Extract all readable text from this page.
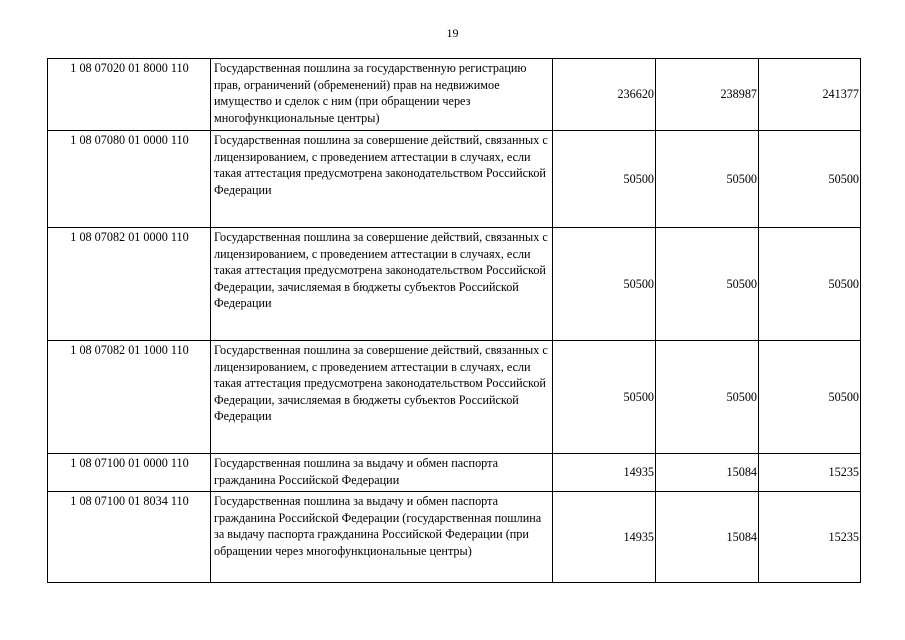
19
1 08 07020 01 8000 110	Государственная пошлина за государственную регистрацию прав, ограничений (обременений) прав на недвижимое имущество и сделок с ним (при обращении через многофункциональные центры)	236620	238987	241377
1 08 07080 01 0000 110	Государственная пошлина за совершение действий, связанных с лицензированием, с проведением аттестации в случаях, если такая аттестация предусмотрена законодательством Российской Федерации	50500	50500	50500
1 08 07082 01 0000 110	Государственная пошлина за совершение действий, связанных с лицензированием, с проведением аттестации в случаях, если такая аттестация предусмотрена законодательством Российской Федерации, зачисляемая в бюджеты субъектов Российской Федерации	50500	50500	50500
1 08 07082 01 1000 110	Государственная пошлина за совершение действий, связанных с лицензированием, с проведением аттестации в случаях, если такая аттестация предусмотрена законодательством Российской Федерации, зачисляемая в бюджеты субъектов Российской Федерации	50500	50500	50500
1 08 07100 01 0000 110	Государственная пошлина за выдачу и обмен паспорта гражданина Российской Федерации	14935	15084	15235
1 08 07100 01 8034 110	Государственная пошлина за выдачу и обмен паспорта гражданина Российской Федерации (государственная пошлина за выдачу паспорта гражданина Российской Федерации (при обращении через многофункциональные центры)	14935	15084	15235
